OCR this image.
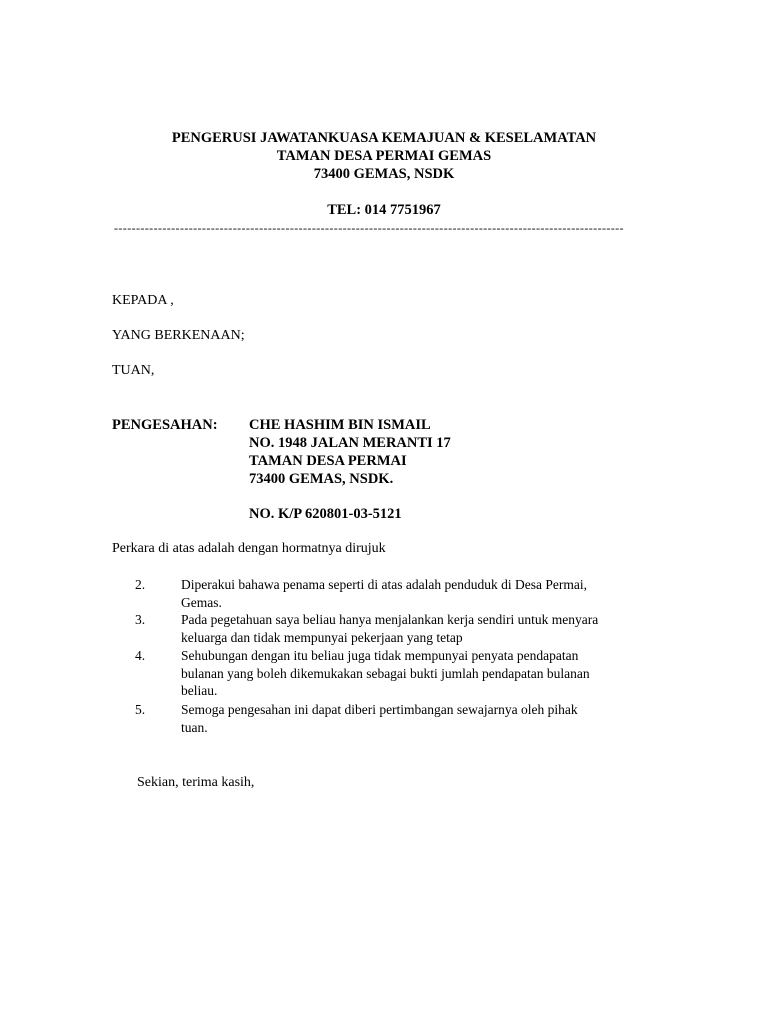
PENGERUSI JAWATANKUASA KEMAJUAN & KESELAMATAN
TAMAN DESA PERMAI GEMAS
73400 GEMAS, NSDK
TEL: 014 7751967
--------------------------------------------------------------------------------------------------------------------
KEPADA ,
YANG BERKENAAN;
TUAN,
PENGESAHAN: CHE HASHIM BIN ISMAIL
NO. 1948 JALAN MERANTI 17
TAMAN DESA PERMAI
73400 GEMAS, NSDK.
NO. K/P 620801-03-5121
Perkara di atas adalah dengan hormatnya dirujuk
2.	Diperakui bahawa penama seperti di atas adalah penduduk di Desa Permai,
Gemas.
3.	Pada pegetahuan saya beliau hanya menjalankan kerja sendiri untuk menyara
keluarga dan tidak mempunyai pekerjaan yang tetap
4.	Sehubungan dengan itu beliau juga tidak mempunyai penyata pendapatan
bulanan yang boleh dikemukakan sebagai bukti jumlah pendapatan bulanan
beliau.
5.	Semoga pengesahan ini dapat diberi pertimbangan sewajarnya oleh pihak
tuan.
Sekian, terima kasih,
